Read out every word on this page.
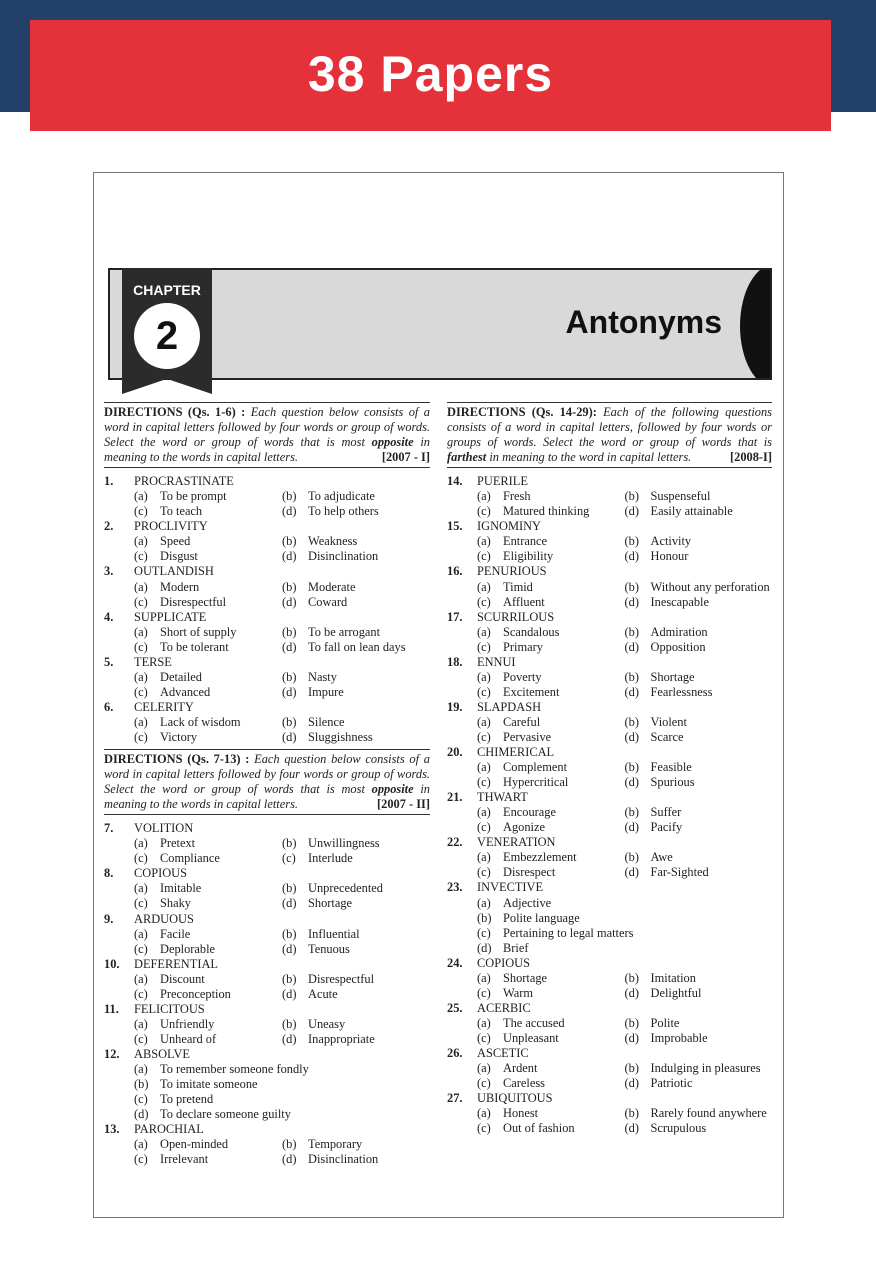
38 Papers
Antonyms
CHAPTER
2
DIRECTIONS (Qs. 1-6) : Each question below consists of a word in capital letters followed by four words or group of words. Select the word or group of words that is most opposite in meaning to the words in capital letters.	[2007 - I]
1. PROCRASTINATE
(a) To be prompt	(b) To adjudicate
(c) To teach	(d) To help others
2. PROCLIVITY
(a) Speed	(b) Weakness
(c) Disgust	(d) Disinclination
3. OUTLANDISH
(a) Modern	(b) Moderate
(c) Disrespectful	(d) Coward
4. SUPPLICATE
(a) Short of supply	(b) To be arrogant
(c) To be tolerant	(d) To fall on lean days
5. TERSE
(a) Detailed	(b) Nasty
(c) Advanced	(d) Impure
6. CELERITY
(a) Lack of wisdom	(b) Silence
(c) Victory	(d) Sluggishness
DIRECTIONS (Qs. 7-13) : Each question below consists of a word in capital letters followed by four words or group of words. Select the word or group of words that is most opposite in meaning to the words in capital letters.	[2007 - II]
7. VOLITION
(a) Pretext	(b) Unwillingness
(c) Compliance	(c) Interlude
8. COPIOUS
(a) Imitable	(b) Unprecedented
(c) Shaky	(d) Shortage
9. ARDUOUS
(a) Facile	(b) Influential
(c) Deplorable	(d) Tenuous
10. DEFERENTIAL
(a) Discount	(b) Disrespectful
(c) Preconception	(d) Acute
11. FELICITOUS
(a) Unfriendly	(b) Uneasy
(c) Unheard of	(d) Inappropriate
12. ABSOLVE
(a) To remember someone fondly
(b) To imitate someone
(c) To pretend
(d) To declare someone guilty
13. PAROCHIAL
(a) Open-minded	(b) Temporary
(c) Irrelevant	(d) Disinclination
DIRECTIONS (Qs. 14-29): Each of the following questions consists of a word in capital letters, followed by four words or groups of words. Select the word or group of words that is farthest in meaning to the word in capital letters.	[2008-I]
14. PUERILE
(a) Fresh	(b) Suspenseful
(c) Matured thinking	(d) Easily attainable
15. IGNOMINY
(a) Entrance	(b) Activity
(c) Eligibility	(d) Honour
16. PENURIOUS
(a) Timid	(b) Without any perforation
(c) Affluent	(d) Inescapable
17. SCURRILOUS
(a) Scandalous	(b) Admiration
(c) Primary	(d) Opposition
18. ENNUI
(a) Poverty	(b) Shortage
(c) Excitement	(d) Fearlessness
19. SLAPDASH
(a) Careful	(b) Violent
(c) Pervasive	(d) Scarce
20. CHIMERICAL
(a) Complement	(b) Feasible
(c) Hypercritical	(d) Spurious
21. THWART
(a) Encourage	(b) Suffer
(c) Agonize	(d) Pacify
22. VENERATION
(a) Embezzlement	(b) Awe
(c) Disrespect	(d) Far-Sighted
23. INVECTIVE
(a) Adjective
(b) Polite language
(c) Pertaining to legal matters
(d) Brief
24. COPIOUS
(a) Shortage	(b) Imitation
(c) Warm	(d) Delightful
25. ACERBIC
(a) The accused	(b) Polite
(c) Unpleasant	(d) Improbable
26. ASCETIC
(a) Ardent	(b) Indulging in pleasures
(c) Careless	(d) Patriotic
27. UBIQUITOUS
(a) Honest	(b) Rarely found anywhere
(c) Out of fashion	(d) Scrupulous
